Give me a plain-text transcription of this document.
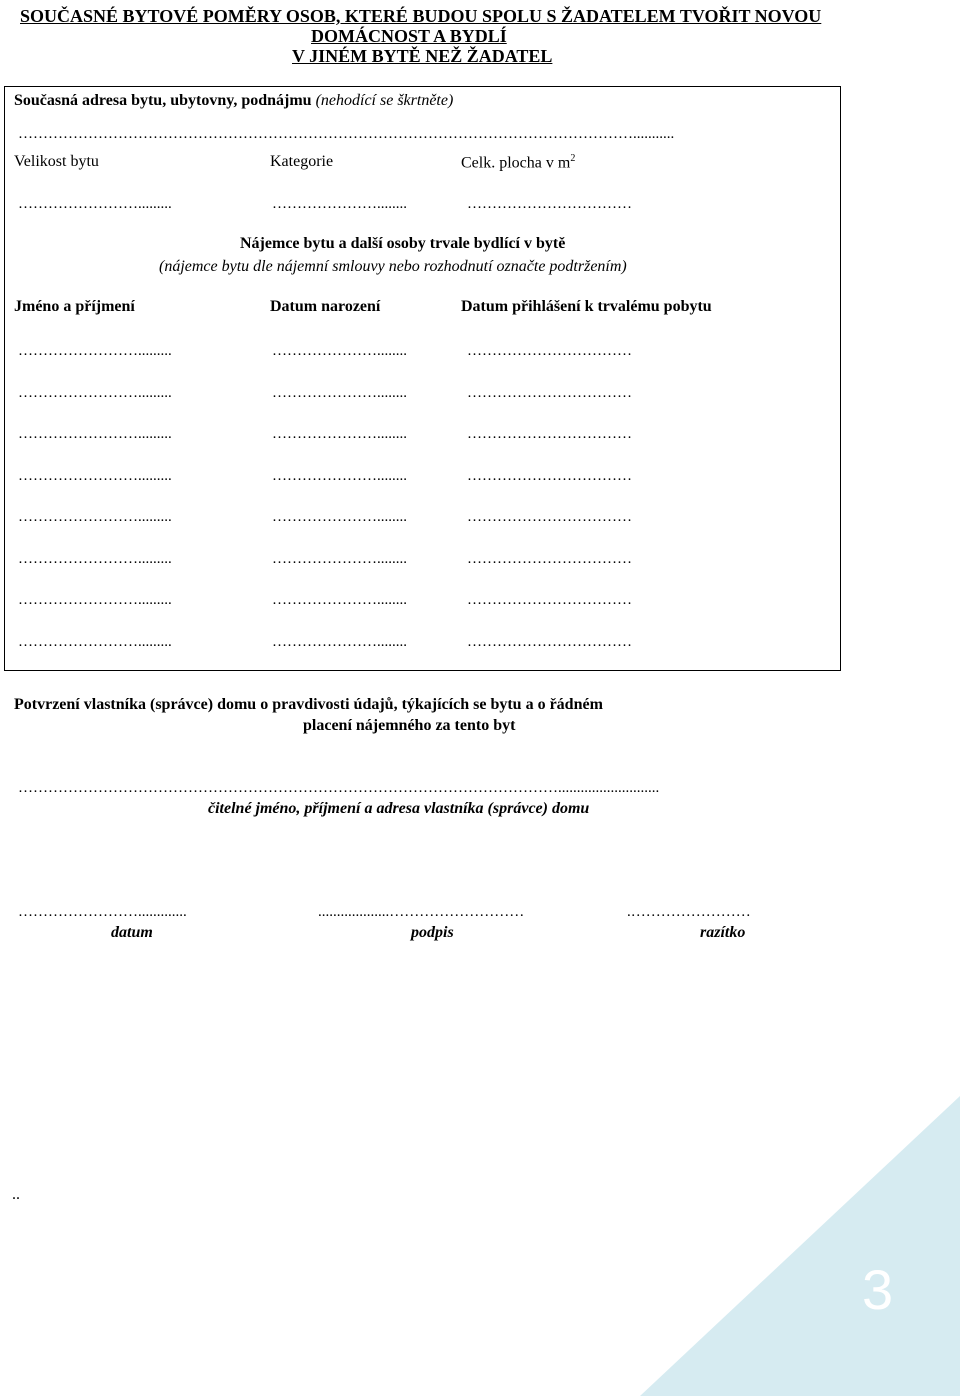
SOUČASNÉ BYTOVÉ POMĚRY OSOB, KTERÉ BUDOU SPOLU S ŽADATELEM TVOŘIT NOVOU
DOMÁCNOST A BYDLÍ
V JINÉM BYTĚ NEŽ ŽADATEL
Současná adresa bytu, ubytovny, podnájmu (nehodící se škrtněte)
……………………………………………………………………………………………………………...........
Velikost bytu	Kategorie	Celk. plocha v $m^2$
…………………….........	…………………........	……………………………
Nájemce bytu a další osoby trvale bydlící v bytě
(nájemce bytu dle nájemní smlouvy nebo rozhodnutí označte podtržením)
Jméno a příjmení	Datum narození	Datum přihlášení k trvalému pobytu
…………………….........	…………………........	……………………………
…………………….........	…………………........	……………………………
…………………….........	…………………........	……………………………
…………………….........	…………………........	……………………………
…………………….........	…………………........	……………………………
…………………….........	…………………........	……………………………
…………………….........	…………………........	……………………………
…………………….........	…………………........	……………………………
Potvrzení vlastníka (správce) domu o pravdivosti údajů, týkajících se bytu a o řádném
placení nájemného za tento byt
………………………………………………………………………………………………...........................
čitelné jméno, příjmení a adresa vlastníka (správce) domu
…………………….............	...................………………………	.……………………
datum	podpis	razítko
..
3
